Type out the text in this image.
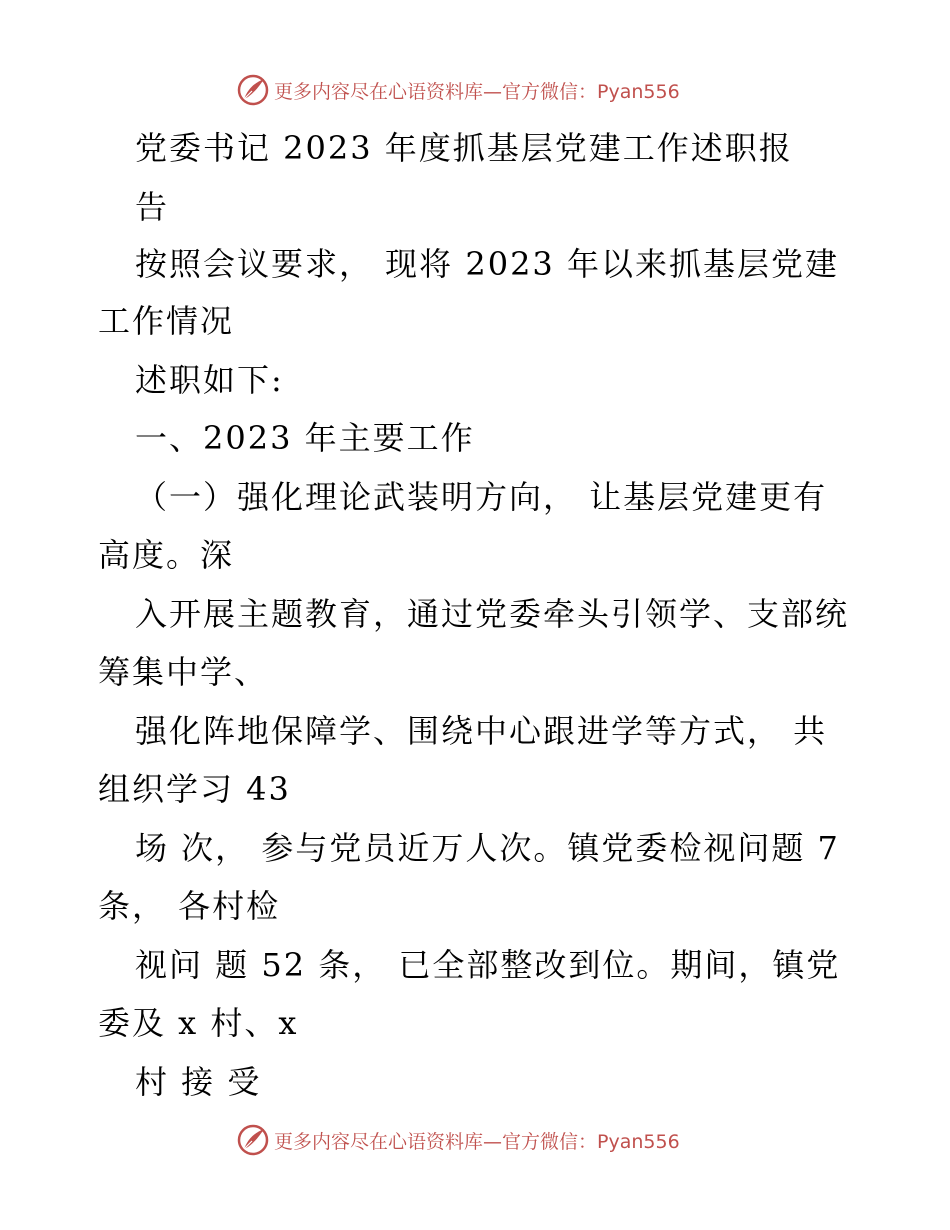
更多内容尽在心语资料库—官方微信：Pyan556

党委书记 2023 年度抓基层党建工作述职报

告

按照会议要求， 现将 2023 年以来抓基层党建

工作情况

述职如下:

一、2023 年主要工作

（一）强化理论武装明方向， 让基层党建更有

高度。深

入开展主题教育，通过党委牵头引领学、支部统

筹集中学、

强化阵地保障学、围绕中心跟进学等方式， 共

组织学习 43

场 次， 参与党员近万人次。镇党委检视问题 7

条， 各村检

视问 题 52 条， 已全部整改到位。期间，镇党

委及 x 村、x

村 接 受

更多内容尽在心语资料库—官方微信：Pyan556
